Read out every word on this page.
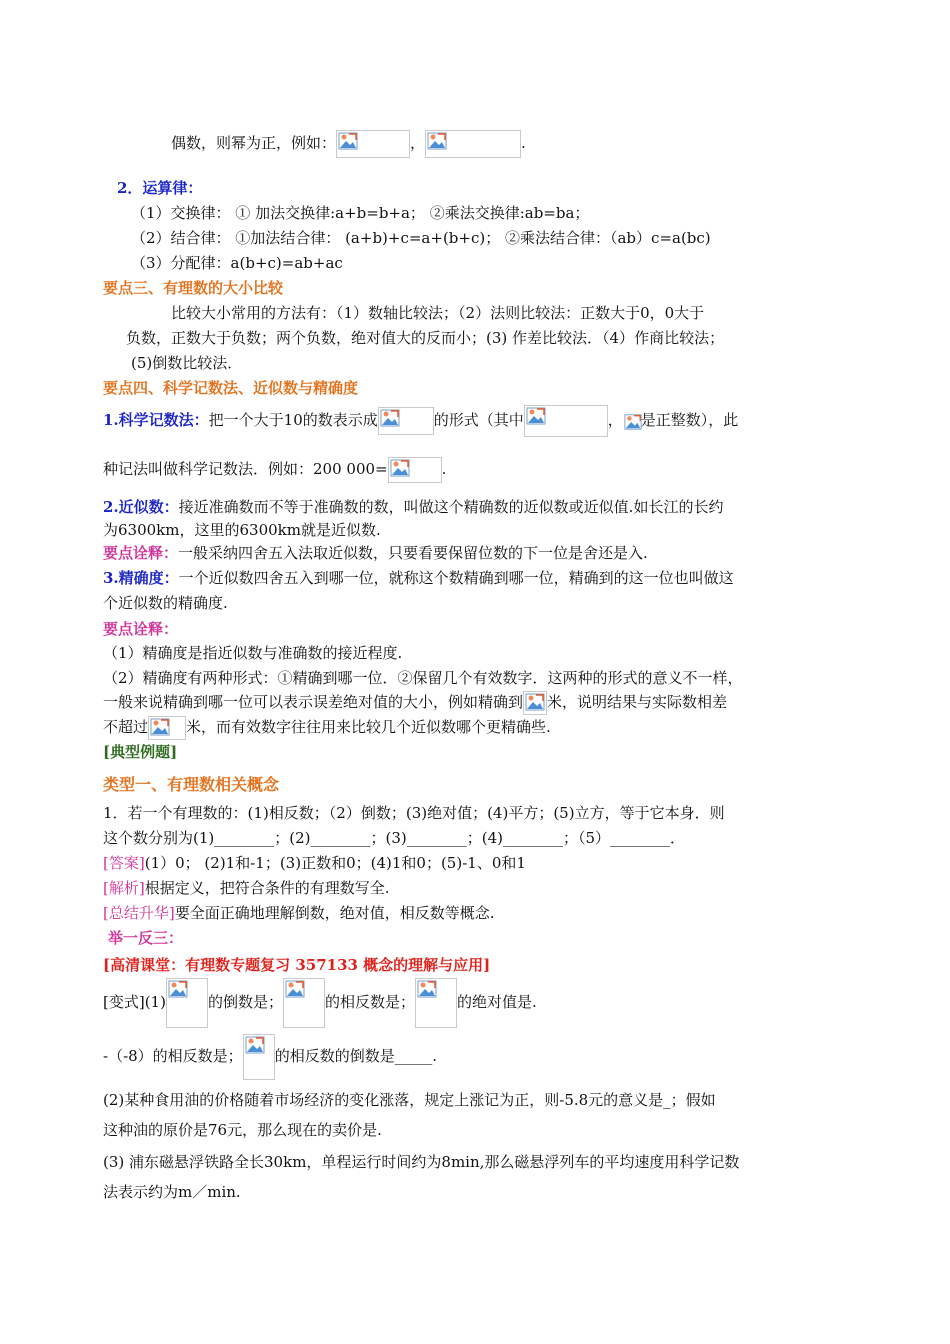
偶数，则幂为正，例如：	，	.
2．运算律：
（1）交换律： ① 加法交换律:a+b=b+a； ②乘法交换律:ab=ba；
（2）结合律： ①加法结合律： (a+b)+c=a+(b+c)； ②乘法结合律：（ab）c=a(bc)
（3）分配律：a(b+c)=ab+ac
要点三、有理数的大小比较
比较大小常用的方法有：（1）数轴比较法；（2）法则比较法：正数大于0，0大于
负数，正数大于负数；两个负数，绝对值大的反而小；(3) 作差比较法．（4）作商比较法；
(5)倒数比较法．
要点四、科学记数法、近似数与精确度
1.科学记数法：把一个大于10的数表示成	的形式（其中	， 是正整数），此
种记法叫做科学记数法．例如：200 000=	.
2.近似数：接近准确数而不等于准确数的数，叫做这个精确数的近似数或近似值.如长江的长约
为6300km，这里的6300km就是近似数.
要点诠释：一般采纳四舍五入法取近似数，只要看要保留位数的下一位是舍还是入.
3.精确度：一个近似数四舍五入到哪一位，就称这个数精确到哪一位，精确到的这一位也叫做这
个近似数的精确度.
要点诠释：
（1）精确度是指近似数与准确数的接近程度.
（2）精确度有两种形式：①精确到哪一位．②保留几个有效数字．这两种的形式的意义不一样，
一般来说精确到哪一位可以表示误差绝对值的大小，例如精确到 米，说明结果与实际数相差
不超过	米，而有效数字往往用来比较几个近似数哪个更精确些.
[典型例题]
类型一、有理数相关概念
1．若一个有理数的：(1)相反数；（2）倒数；(3)绝对值；(4)平方；(5)立方，等于它本身．则
这个数分别为(1)________；(2)________；(3)________；(4)________；（5）________．
[答案](1）0； (2)1和-1；(3)正数和0；(4)1和0；(5)-1、0和1
[解析]根据定义，把符合条件的有理数写全.
[总结升华]要全面正确地理解倒数，绝对值，相反数等概念.
举一反三：
[高清课堂：有理数专题复习 357133 概念的理解与应用]
[变式](1)	的倒数是；	的相反数是；	的绝对值是.
-（-8）的相反数是； 的相反数的倒数是_____.
(2)某种食用油的价格随着市场经济的变化涨落，规定上涨记为正，则-5.8元的意义是_；假如
这种油的原价是76元，那么现在的卖价是.
(3) 浦东磁悬浮铁路全长30km，单程运行时间约为8min,那么磁悬浮列车的平均速度用科学记数
法表示约为m／min.
